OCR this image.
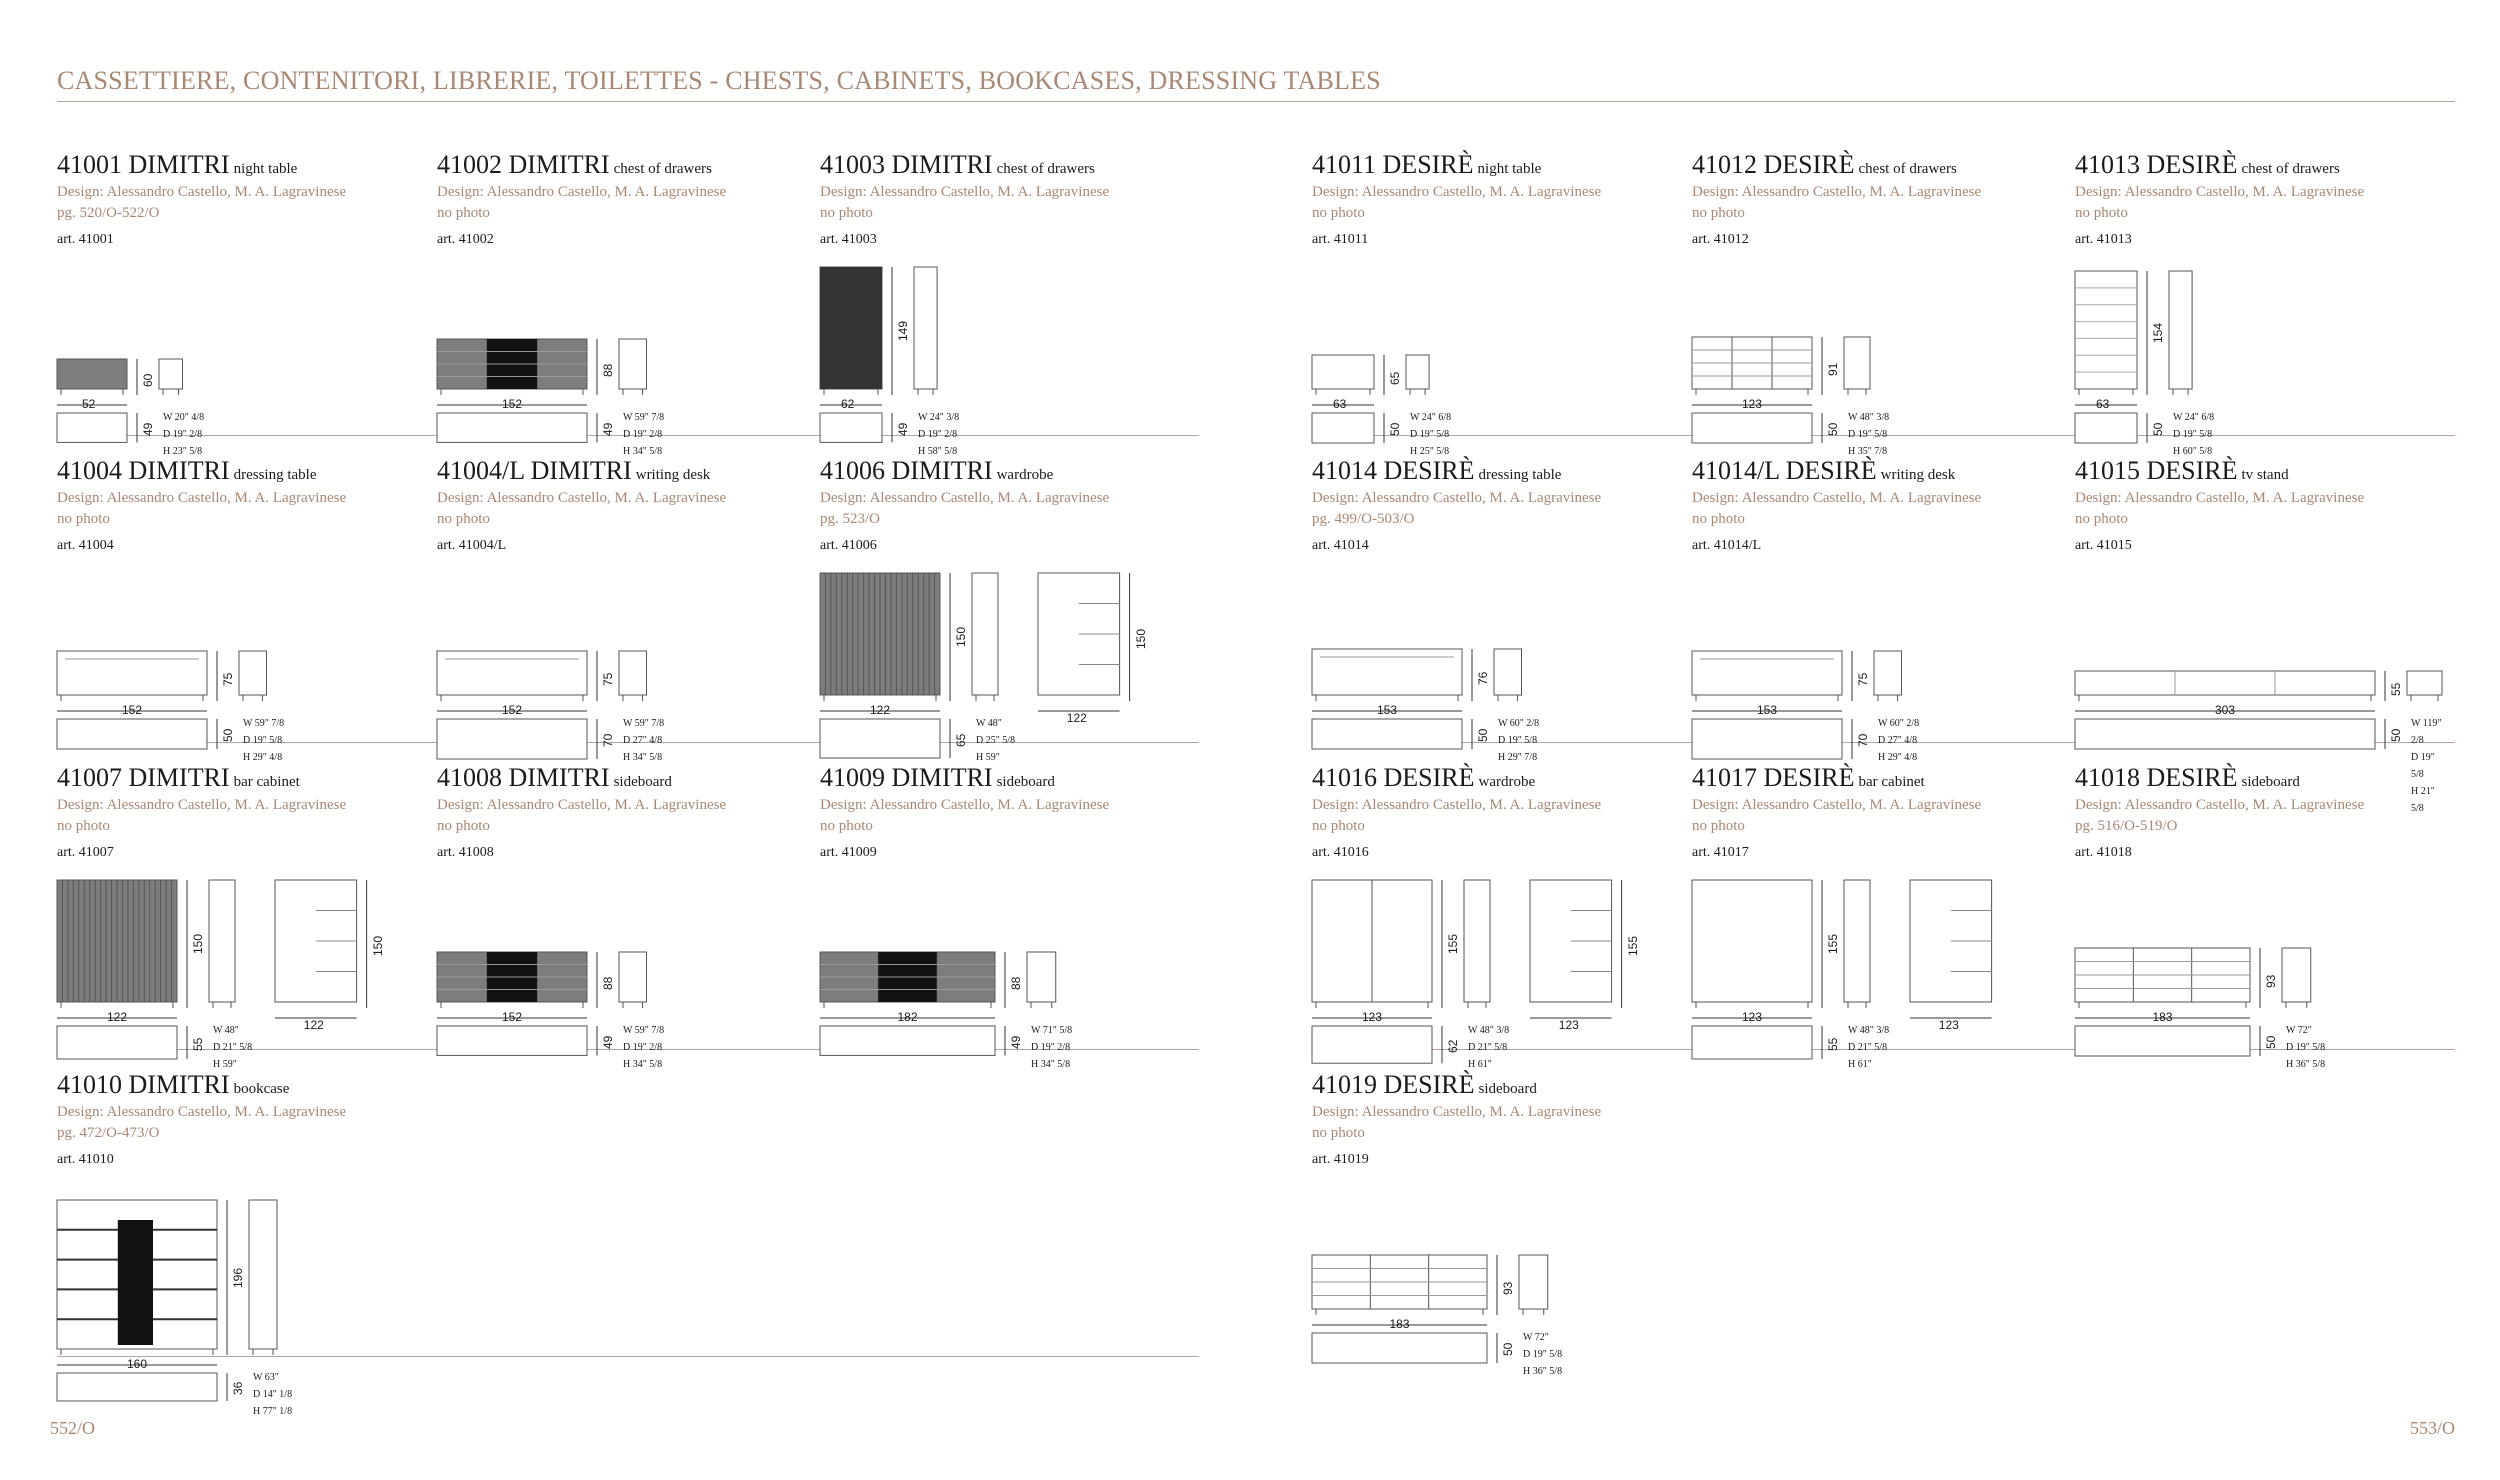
CASSETTIERE, CONTENITORI, LIBRERIE, TOILETTES - CHESTS, CABINETS, BOOKCASES, DRESSING TABLES
552/O	553/O
41001 DIMITRI night table
Design: Alessandro Castello, M. A. Lagravinese
pg. 520/O-522/O
art. 41001
52
60
49
W 20" 4/8
D 19" 2/8
H 23" 5/8
41002 DIMITRI chest of drawers
Design: Alessandro Castello, M. A. Lagravinese
no photo
art. 41002
152
88
49
W 59" 7/8
D 19" 2/8
H 34" 5/8
41003 DIMITRI chest of drawers
Design: Alessandro Castello, M. A. Lagravinese
no photo
art. 41003
62
149
49
W 24" 3/8
D 19" 2/8
H 58" 5/8
41011 DESIRÈ night table
Design: Alessandro Castello, M. A. Lagravinese
no photo
art. 41011
63
65
50
W 24" 6/8
D 19" 5/8
H 25" 5/8
41012 DESIRÈ chest of drawers
Design: Alessandro Castello, M. A. Lagravinese
no photo
art. 41012
123
91
50
W 48" 3/8
D 19" 5/8
H 35" 7/8
41013 DESIRÈ chest of drawers
Design: Alessandro Castello, M. A. Lagravinese
no photo
art. 41013
63
154
50
W 24" 6/8
D 19" 5/8
H 60" 5/8
41004 DIMITRI dressing table
Design: Alessandro Castello, M. A. Lagravinese
no photo
art. 41004
152
75
50
W 59" 7/8
D 19" 5/8
H 29" 4/8
41004/L DIMITRI writing desk
Design: Alessandro Castello, M. A. Lagravinese
no photo
art. 41004/L
152
75
70
W 59" 7/8
D 27" 4/8
H 34" 5/8
41006 DIMITRI wardrobe
Design: Alessandro Castello, M. A. Lagravinese
pg. 523/O
art. 41006
122
150
122
150
65
W 48"
D 25" 5/8
H 59"
41014 DESIRÈ dressing table
Design: Alessandro Castello, M. A. Lagravinese
pg. 499/O-503/O
art. 41014
153
76
50
W 60" 2/8
D 19" 5/8
H 29" 7/8
41014/L DESIRÈ writing desk
Design: Alessandro Castello, M. A. Lagravinese
no photo
art. 41014/L
153
75
70
W 60" 2/8
D 27" 4/8
H 29" 4/8
41015 DESIRÈ tv stand
Design: Alessandro Castello, M. A. Lagravinese
no photo
art. 41015
303
55
50
W 119" 2/8
D 19" 5/8
H 21" 5/8
41007 DIMITRI bar cabinet
Design: Alessandro Castello, M. A. Lagravinese
no photo
art. 41007
122
150
122
150
55
W 48"
D 21" 5/8
H 59"
41008 DIMITRI sideboard
Design: Alessandro Castello, M. A. Lagravinese
no photo
art. 41008
152
88
49
W 59" 7/8
D 19" 2/8
H 34" 5/8
41009 DIMITRI sideboard
Design: Alessandro Castello, M. A. Lagravinese
no photo
art. 41009
182
88
49
W 71" 5/8
D 19" 2/8
H 34" 5/8
41016 DESIRÈ wardrobe
Design: Alessandro Castello, M. A. Lagravinese
no photo
art. 41016
123
155
123
155
62
W 48" 3/8
D 21" 5/8
H 61"
41017 DESIRÈ bar cabinet
Design: Alessandro Castello, M. A. Lagravinese
no photo
art. 41017
123
123
155
55
W 48" 3/8
D 21" 5/8
H 61"
41018 DESIRÈ sideboard
Design: Alessandro Castello, M. A. Lagravinese
pg. 516/O-519/O
art. 41018
183
93
50
W 72"
D 19" 5/8
H 36" 5/8
41010 DIMITRI bookcase
Design: Alessandro Castello, M. A. Lagravinese
pg. 472/O-473/O
art. 41010
160
196
36
W 63"
D 14" 1/8
H 77" 1/8
41019 DESIRÈ sideboard
Design: Alessandro Castello, M. A. Lagravinese
no photo
art. 41019
183
93
50
W 72"
D 19" 5/8
H 36" 5/8
